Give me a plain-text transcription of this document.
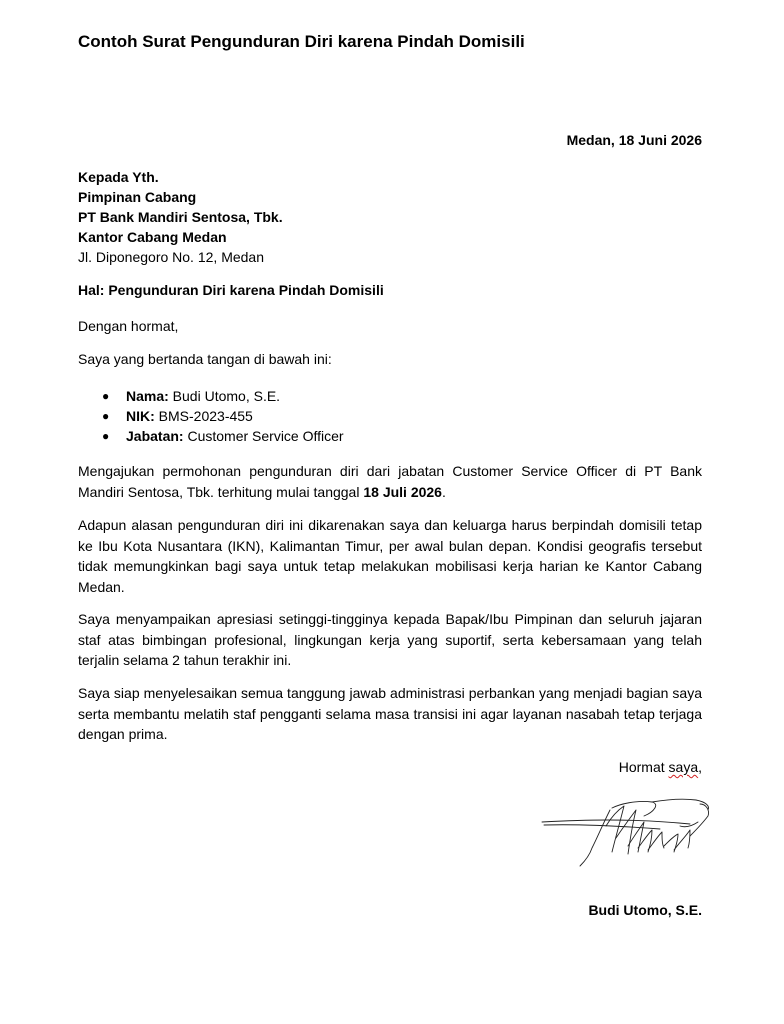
Contoh Surat Pengunduran Diri karena Pindah Domisili
Medan, 18 Juni 2026
Kepada Yth.
Pimpinan Cabang
PT Bank Mandiri Sentosa, Tbk.
Kantor Cabang Medan
Jl. Diponegoro No. 12, Medan
Hal: Pengunduran Diri karena Pindah Domisili
Dengan hormat,
Saya yang bertanda tangan di bawah ini:
● Nama: Budi Utomo, S.E.
● NIK: BMS-2023-455
● Jabatan: Customer Service Officer

Mengajukan permohonan pengunduran diri dari jabatan Customer Service Officer di PT Bank Mandiri Sentosa, Tbk. terhitung mulai tanggal 18 Juli 2026.

Adapun alasan pengunduran diri ini dikarenakan saya dan keluarga harus berpindah domisili tetap ke Ibu Kota Nusantara (IKN), Kalimantan Timur, per awal bulan depan. Kondisi geografis tersebut tidak memungkinkan bagi saya untuk tetap melakukan mobilisasi kerja harian ke Kantor Cabang Medan.

Saya menyampaikan apresiasi setinggi-tingginya kepada Bapak/Ibu Pimpinan dan seluruh jajaran staf atas bimbingan profesional, lingkungan kerja yang suportif, serta kebersamaan yang telah terjalin selama 2 tahun terakhir ini.

Saya siap menyelesaikan semua tanggung jawab administrasi perbankan yang menjadi bagian saya serta membantu melatih staf pengganti selama masa transisi ini agar layanan nasabah tetap terjaga dengan prima.

Hormat saya,
Budi Utomo, S.E.
